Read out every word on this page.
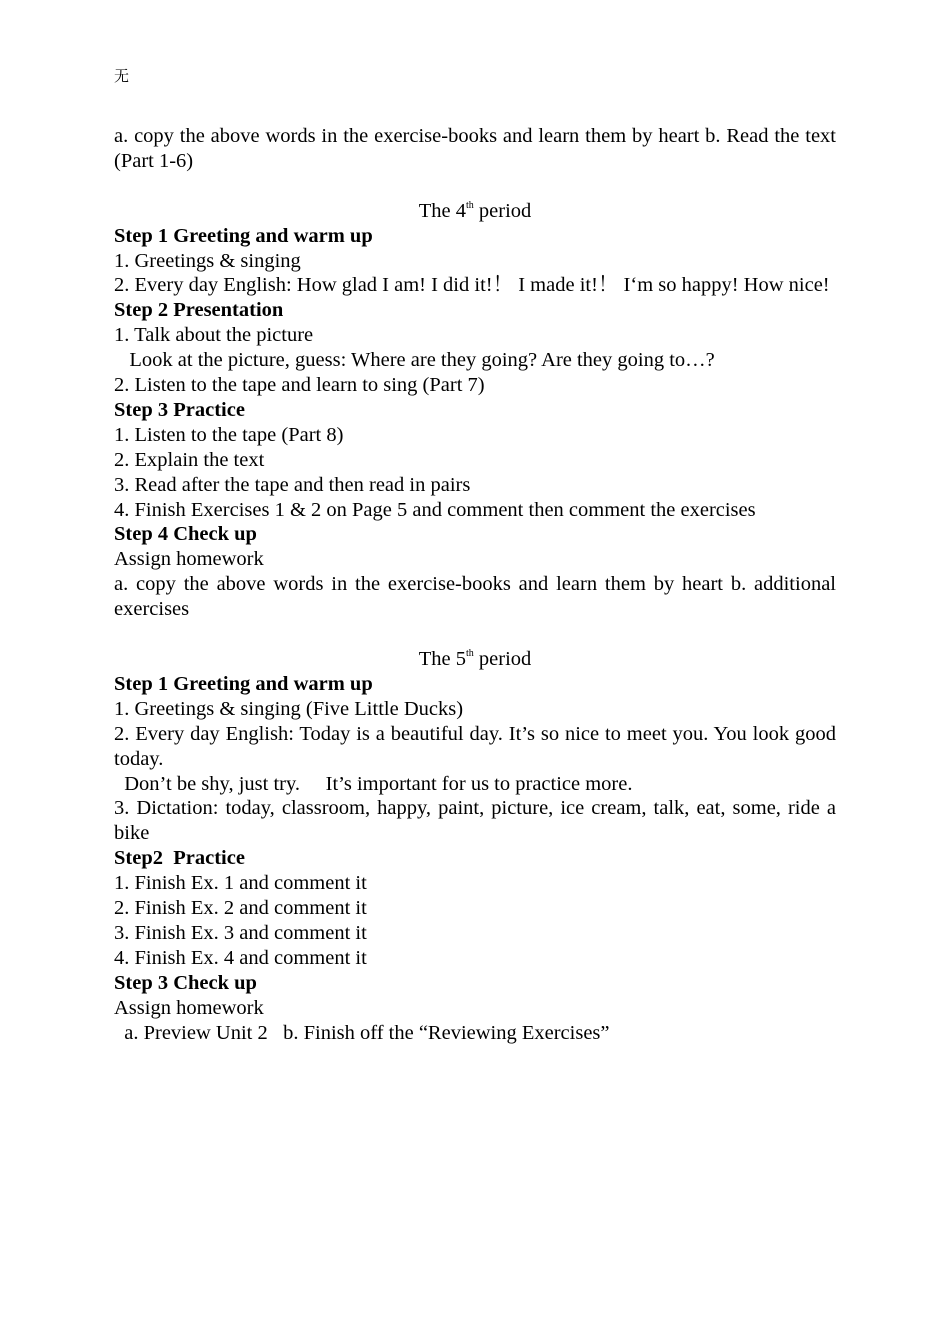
无

a. copy the above words in the exercise-books and learn them by heart b. Read the text (Part 1-6)

The 4th period

Step 1 Greeting and warm up

1. Greetings & singing

2. Every day English: How glad I am! I did it!！ I made it!！ I‘m so happy! How nice!

Step 2 Presentation

1. Talk about the picture

Look at the picture, guess: Where are they going? Are they going to…?

2. Listen to the tape and learn to sing (Part 7)

Step 3 Practice

1. Listen to the tape (Part 8)

2. Explain the text

3. Read after the tape and then read in pairs

4. Finish Exercises 1 & 2 on Page 5 and comment then comment the exercises

Step 4 Check up

Assign homework

a. copy the above words in the exercise-books and learn them by heart b. additional exercises

The 5th period

Step 1 Greeting and warm up

1. Greetings & singing (Five Little Ducks)

2. Every day English: Today is a beautiful day. It’s so nice to meet you. You look good today.

Don’t be shy, just try.     It’s important for us to practice more.

3. Dictation: today, classroom, happy, paint, picture, ice cream, talk, eat, some, ride a bike

Step2  Practice

1. Finish Ex. 1 and comment it

2. Finish Ex. 2 and comment it

3. Finish Ex. 3 and comment it

4. Finish Ex. 4 and comment it

Step 3 Check up

Assign homework

a. Preview Unit 2   b. Finish off the “Reviewing Exercises”
